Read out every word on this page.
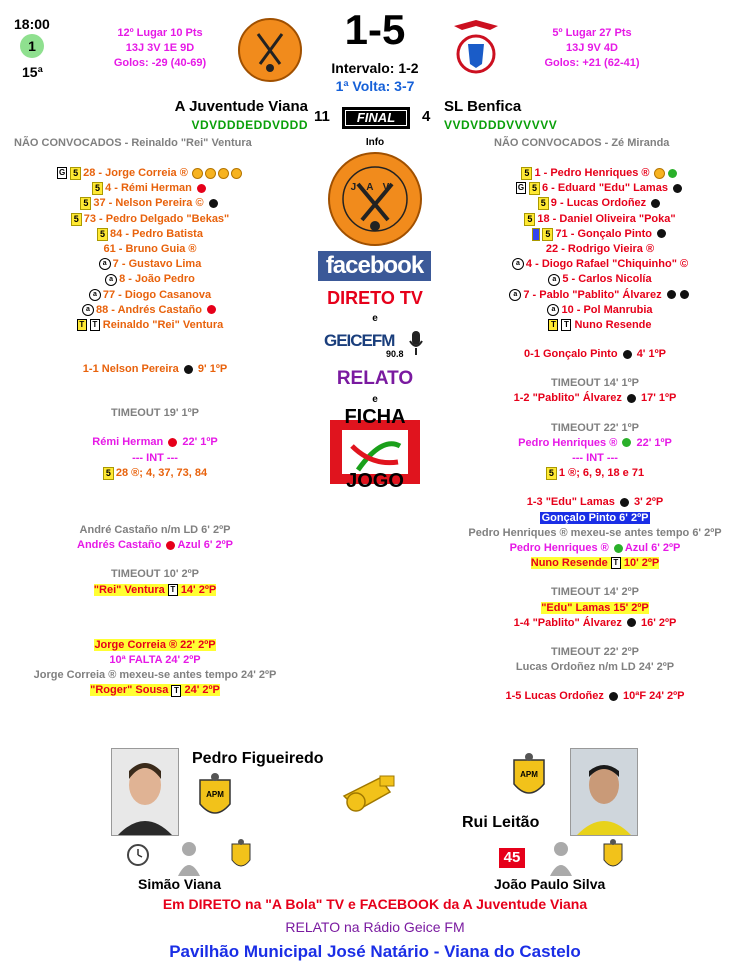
18:00
1
15ª
12º Lugar 10 Pts
13J 3V 1E 9D
Golos: -29 (40-69)
1-5
Intervalo: 1-2
1ª Volta: 3-7
5º Lugar 27 Pts
13J 9V 4D
Golos: +21 (62-41)
A Juventude Viana
VDVDDDEDDVDDD 11	FINAL	4
SL Benfica
VVDVDDDVVVVVV
NÃO CONVOCADOS - Reinaldo "Rei" Ventura	NÃO CONVOCADOS - Zé Miranda
Info
JAV
facebook
DIRETO TV
e
GEICEFM
90.8
RELATO
e
FICHA
JOGO
G 5 28 - Jorge Correia ®
5 4 - Rémi Herman
5 37 - Nelson Pereira ©
5 73 - Pedro Delgado "Bekas"
5 84 - Pedro Batista
61 - Bruno Guia ®
a 7 - Gustavo Lima
a 8 - João Pedro
a 77 - Diogo Casanova
a 88 - Andrés Castaño
T T Reinaldo "Rei" Ventura
1-1 Nelson Pereira 9' 1ºP
TIMEOUT 19' 1ºP
Rémi Herman 22' 1ºP
--- INT ---
5 28 ®; 4, 37, 73, 84
André Castaño n/m LD 6' 2ºP
Andrés Castaño Azul 6' 2ºP
TIMEOUT 10' 2ºP
"Rei" Ventura T 14' 2ºP
Jorge Correia ® 22' 2ºP
10ª FALTA 24' 2ºP
Jorge Correia ® mexeu-se antes tempo 24' 2ºP
"Roger" Sousa T 24' 2ºP
5 1 - Pedro Henriques ®
G 5 6 - Eduard "Edu" Lamas
5 9 - Lucas Ordoñez
5 18 - Daniel Oliveira "Poka"
5 71 - Gonçalo Pinto
22 - Rodrigo Vieira ®
a 4 - Diogo Rafael "Chiquinho" ©
a 5 - Carlos Nicolía
a 7 - Pablo "Pablito" Álvarez
a 10 - Pol Manrubia
T T Nuno Resende
0-1 Gonçalo Pinto 4' 1ºP
TIMEOUT 14' 1ºP
1-2 "Pablito" Álvarez 17' 1ºP
TIMEOUT 22' 1ºP
Pedro Henriques ® 22' 1ºP
--- INT ---
5 1 ®; 6, 9, 18 e 71
1-3 "Edu" Lamas 3' 2ºP
Gonçalo Pinto 6' 2ºP
Pedro Henriques ® mexeu-se antes tempo 6' 2ºP
Pedro Henriques ® Azul 6' 2ºP
Nuno Resende T 10' 2ºP
TIMEOUT 14' 2ºP
"Edu" Lamas 15' 2ºP
1-4 "Pablito" Álvarez 16' 2ºP
TIMEOUT 22' 2ºP
Lucas Ordoñez n/m LD 24' 2ºP
1-5 Lucas Ordoñez 10ªF 24' 2ºP
APM
Pedro Figueiredo
APM
Rui Leitão
Simão Viana
45
João Paulo Silva
Em DIRETO na "A Bola" TV e FACEBOOK da A Juventude Viana
RELATO na Rádio Geice FM
Pavilhão Municipal José Natário - Viana do Castelo
